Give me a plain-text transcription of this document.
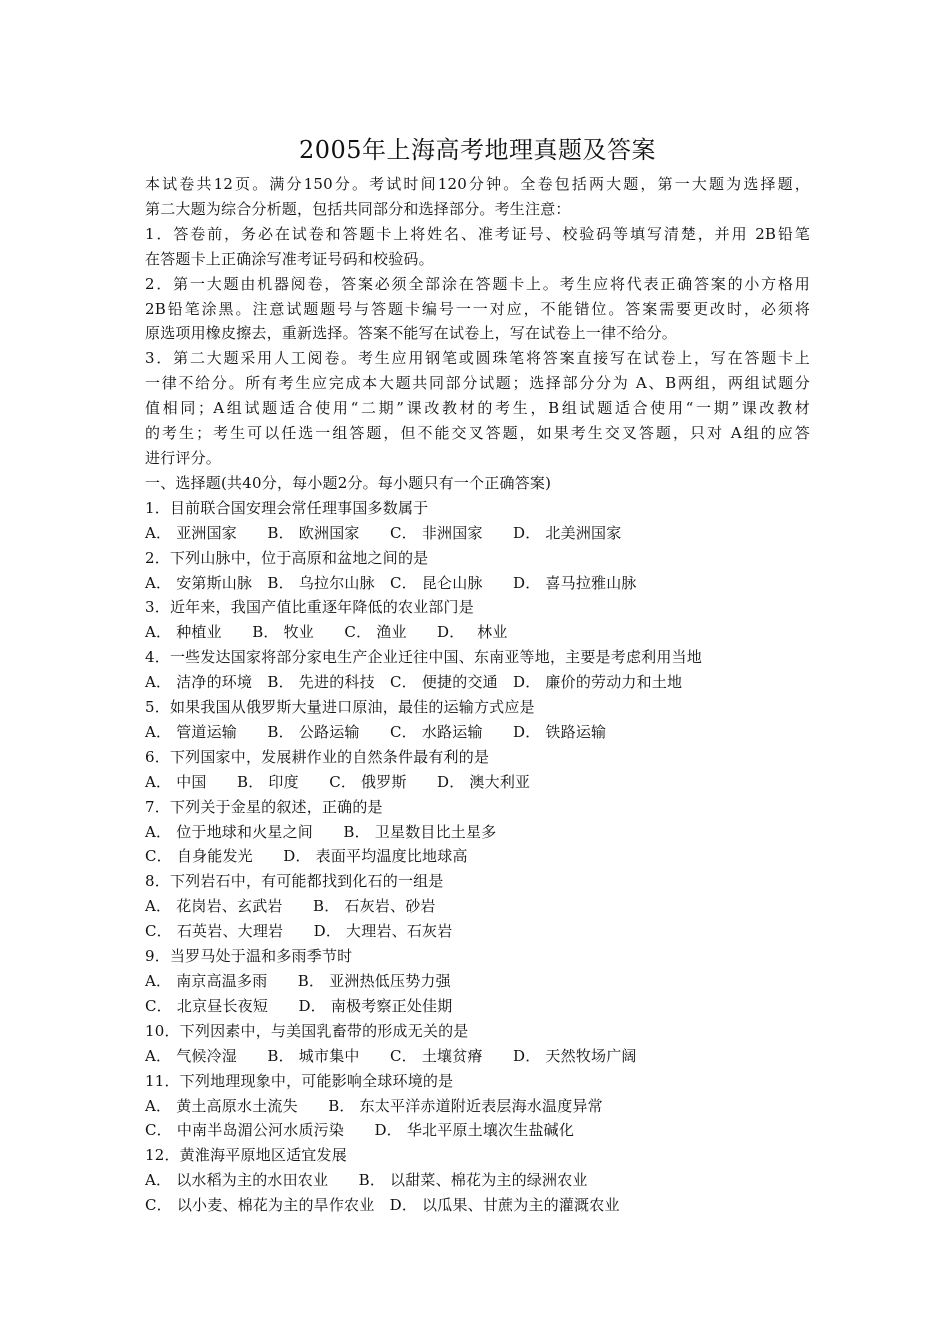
2005年上海高考地理真题及答案
本试卷共12页。满分150分。考试时间120分钟。全卷包括两大题，第一大题为选择题，
第二大题为综合分析题，包括共同部分和选择部分。考生注意：
1．答卷前，务必在试卷和答题卡上将姓名、准考证号、校验码等填写清楚，并用 2B铅笔
在答题卡上正确涂写准考证号码和校验码。
2．第一大题由机器阅卷，答案必须全部涂在答题卡上。考生应将代表正确答案的小方格用
2B铅笔涂黑。注意试题题号与答题卡编号一一对应，不能错位。答案需要更改时，必须将
原选项用橡皮擦去，重新选择。答案不能写在试卷上，写在试卷上一律不给分。
3．第二大题采用人工阅卷。考生应用钢笔或圆珠笔将答案直接写在试卷上，写在答题卡上
一律不给分。所有考生应完成本大题共同部分试题；选择部分分为 A、B两组，两组试题分
值相同；A组试题适合使用“二期”课改教材的考生，B组试题适合使用“一期”课改教材
的考生；考生可以任选一组答题，但不能交叉答题，如果考生交叉答题，只对 A组的应答
进行评分。
一、选择题(共40分，每小题2分。每小题只有一个正确答案)
1．目前联合国安理会常任理事国多数属于
A． 亚洲国家　　B． 欧洲国家　　C． 非洲国家　　D． 北美洲国家
2．下列山脉中，位于高原和盆地之间的是
A． 安第斯山脉　B． 乌拉尔山脉　C． 昆仑山脉　　D． 喜马拉雅山脉
3．近年来，我国产值比重逐年降低的农业部门是
A． 种植业　　B． 牧业　　C． 渔业　　D．　 林业
4．一些发达国家将部分家电生产企业迁往中国、东南亚等地，主要是考虑利用当地
A． 洁净的环境　B． 先进的科技　C． 便捷的交通　D． 廉价的劳动力和土地
5．如果我国从俄罗斯大量进口原油，最佳的运输方式应是
A． 管道运输　　B． 公路运输　　C． 水路运输　　D． 铁路运输
6．下列国家中，发展耕作业的自然条件最有利的是
A． 中国　　B． 印度　　C． 俄罗斯　　D． 澳大利亚
7．下列关于金星的叙述，正确的是
A． 位于地球和火星之间　　B． 卫星数目比土星多
C． 自身能发光　　D． 表面平均温度比地球高
8．下列岩石中，有可能都找到化石的一组是
A． 花岗岩、玄武岩　　B． 石灰岩、砂岩
C． 石英岩、大理岩　　D． 大理岩、石灰岩
9．当罗马处于温和多雨季节时
A． 南京高温多雨　　B． 亚洲热低压势力强
C． 北京昼长夜短　　D． 南极考察正处佳期
10．下列因素中，与美国乳畜带的形成无关的是
A． 气候冷湿　　B． 城市集中　　C． 土壤贫瘠　　D． 天然牧场广阔
11．下列地理现象中，可能影响全球环境的是
A． 黄土高原水土流失　　B． 东太平洋赤道附近表层海水温度异常
C． 中南半岛湄公河水质污染　　D． 华北平原土壤次生盐碱化
12．黄淮海平原地区适宜发展
A． 以水稻为主的水田农业　　B． 以甜菜、棉花为主的绿洲农业
C． 以小麦、棉花为主的旱作农业　D． 以瓜果、甘蔗为主的灌溉农业
